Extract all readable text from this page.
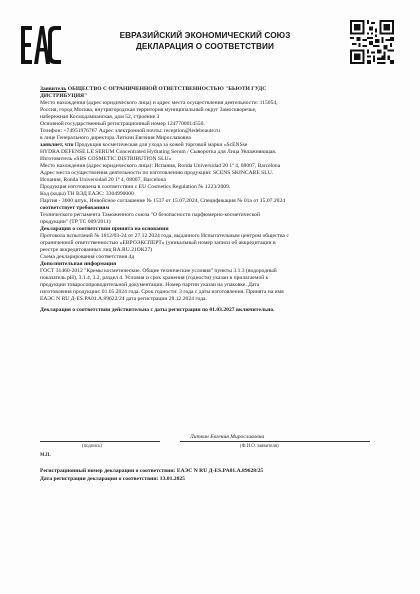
ЕВРАЗИЙСКИЙ ЭКОНОМИЧЕСКИЙ СОЮЗ
ДЕКЛАРАЦИЯ О СООТВЕТСТВИИ

Заявитель ОБЩЕСТВО С ОГРАНИЧЕННОЙ ОТВЕТСТВЕННОСТЬЮ "БЬЮТИ ГУДС

ДИСТРИБУЦИЯ"

Место нахождения (адрес юридического лица) и адрес места осуществления деятельности: 115054,

Россия, город Москва, внутригородская территория муниципальный округ Замоскворечье,

набережная Космодамианская, дом 52, строение 3

Основной государственный регистрационный номер 1247700014550.

Телефон: +74951976767 Адрес электронной почты: reception@ledebeaute.ru

в лице Генерального директора Литкин Евгения Мирославовна

заявляет, что Продукция косметическая для ухода за кожей торговой марки «ScENSse

HYDRA DEFENSE LE SERUM Concentrated Hydrating Serum / Сыворотка для Лица Увлажняющая.

Изготовитель «SBS COSMETIC DISTRIBUTION SLU»

Место нахождения (адрес юридического лица): Испания, Ronda Universidad 20 1ª 4, 08007, Barcelona

Адрес места осуществления деятельности по изготовлению продукции: SCENS SKINCARE SLU.

Испания, Ronda Universidad 20 1ª 4, 08007, Barcelona

Продукция изготовлена в соответствии с EU Cosmetics Regulation № 1223/2009.

Код (коды) ТН ВЭД ЕАЭС: 3304990000

Партия - 3000 штук, Инвойсное соглашение № 1537 от 15.07.2024, Спецификация № 01а от 15.07.2024

соответствует требованиям

Технического регламента Таможенного союза "О безопасности парфюмерно-косметической

продукции" (ТР ТС 009/2011)

Декларация о соответствии принята на основании

Протокола испытаний № 1812/03-24 от 27.12.2024 года, выданного Испытательным центром общества с

ограниченной ответственностью «ЕВРОЭКСПЕРТ» (уникальный номер записи об аккредитации в

реестре аккредитованных лиц RA.RU.21ОК27)

Схема декларирования соответствия 4д

Дополнительная информация

ГОСТ 31460-2012 "Кремы косметические. Общие технические условия" пункты 3.1.3 (водородный

показатель pH), 3.1.4, 3.2, раздел 4. Условия и срок хранения (годности) указан в прилагаемой к

продукции товаросопроводительной документации. Номер партии указан на упаковке. Дата

изготовления продукции: 01.05.2024 года. Срок годности: 3 года с даты изготовления. Принята на имя

ЕАЭС N RU Д-ES.PA01.А.89622/24 дата регистрации 28.12.2024 года.

Декларация о соответствии действительна с даты регистрации по 01.03.2027 включительно.

(подпись)
Литкин Евгения Мирославовна
(Ф.И.О. заявителя)
М.П.
Регистрационный номер декларации о соответствии: ЕАЭС N RU Д-ES.PA01.А.89628/25
Дата регистрации декларации о соответствии: 13.01.2025
